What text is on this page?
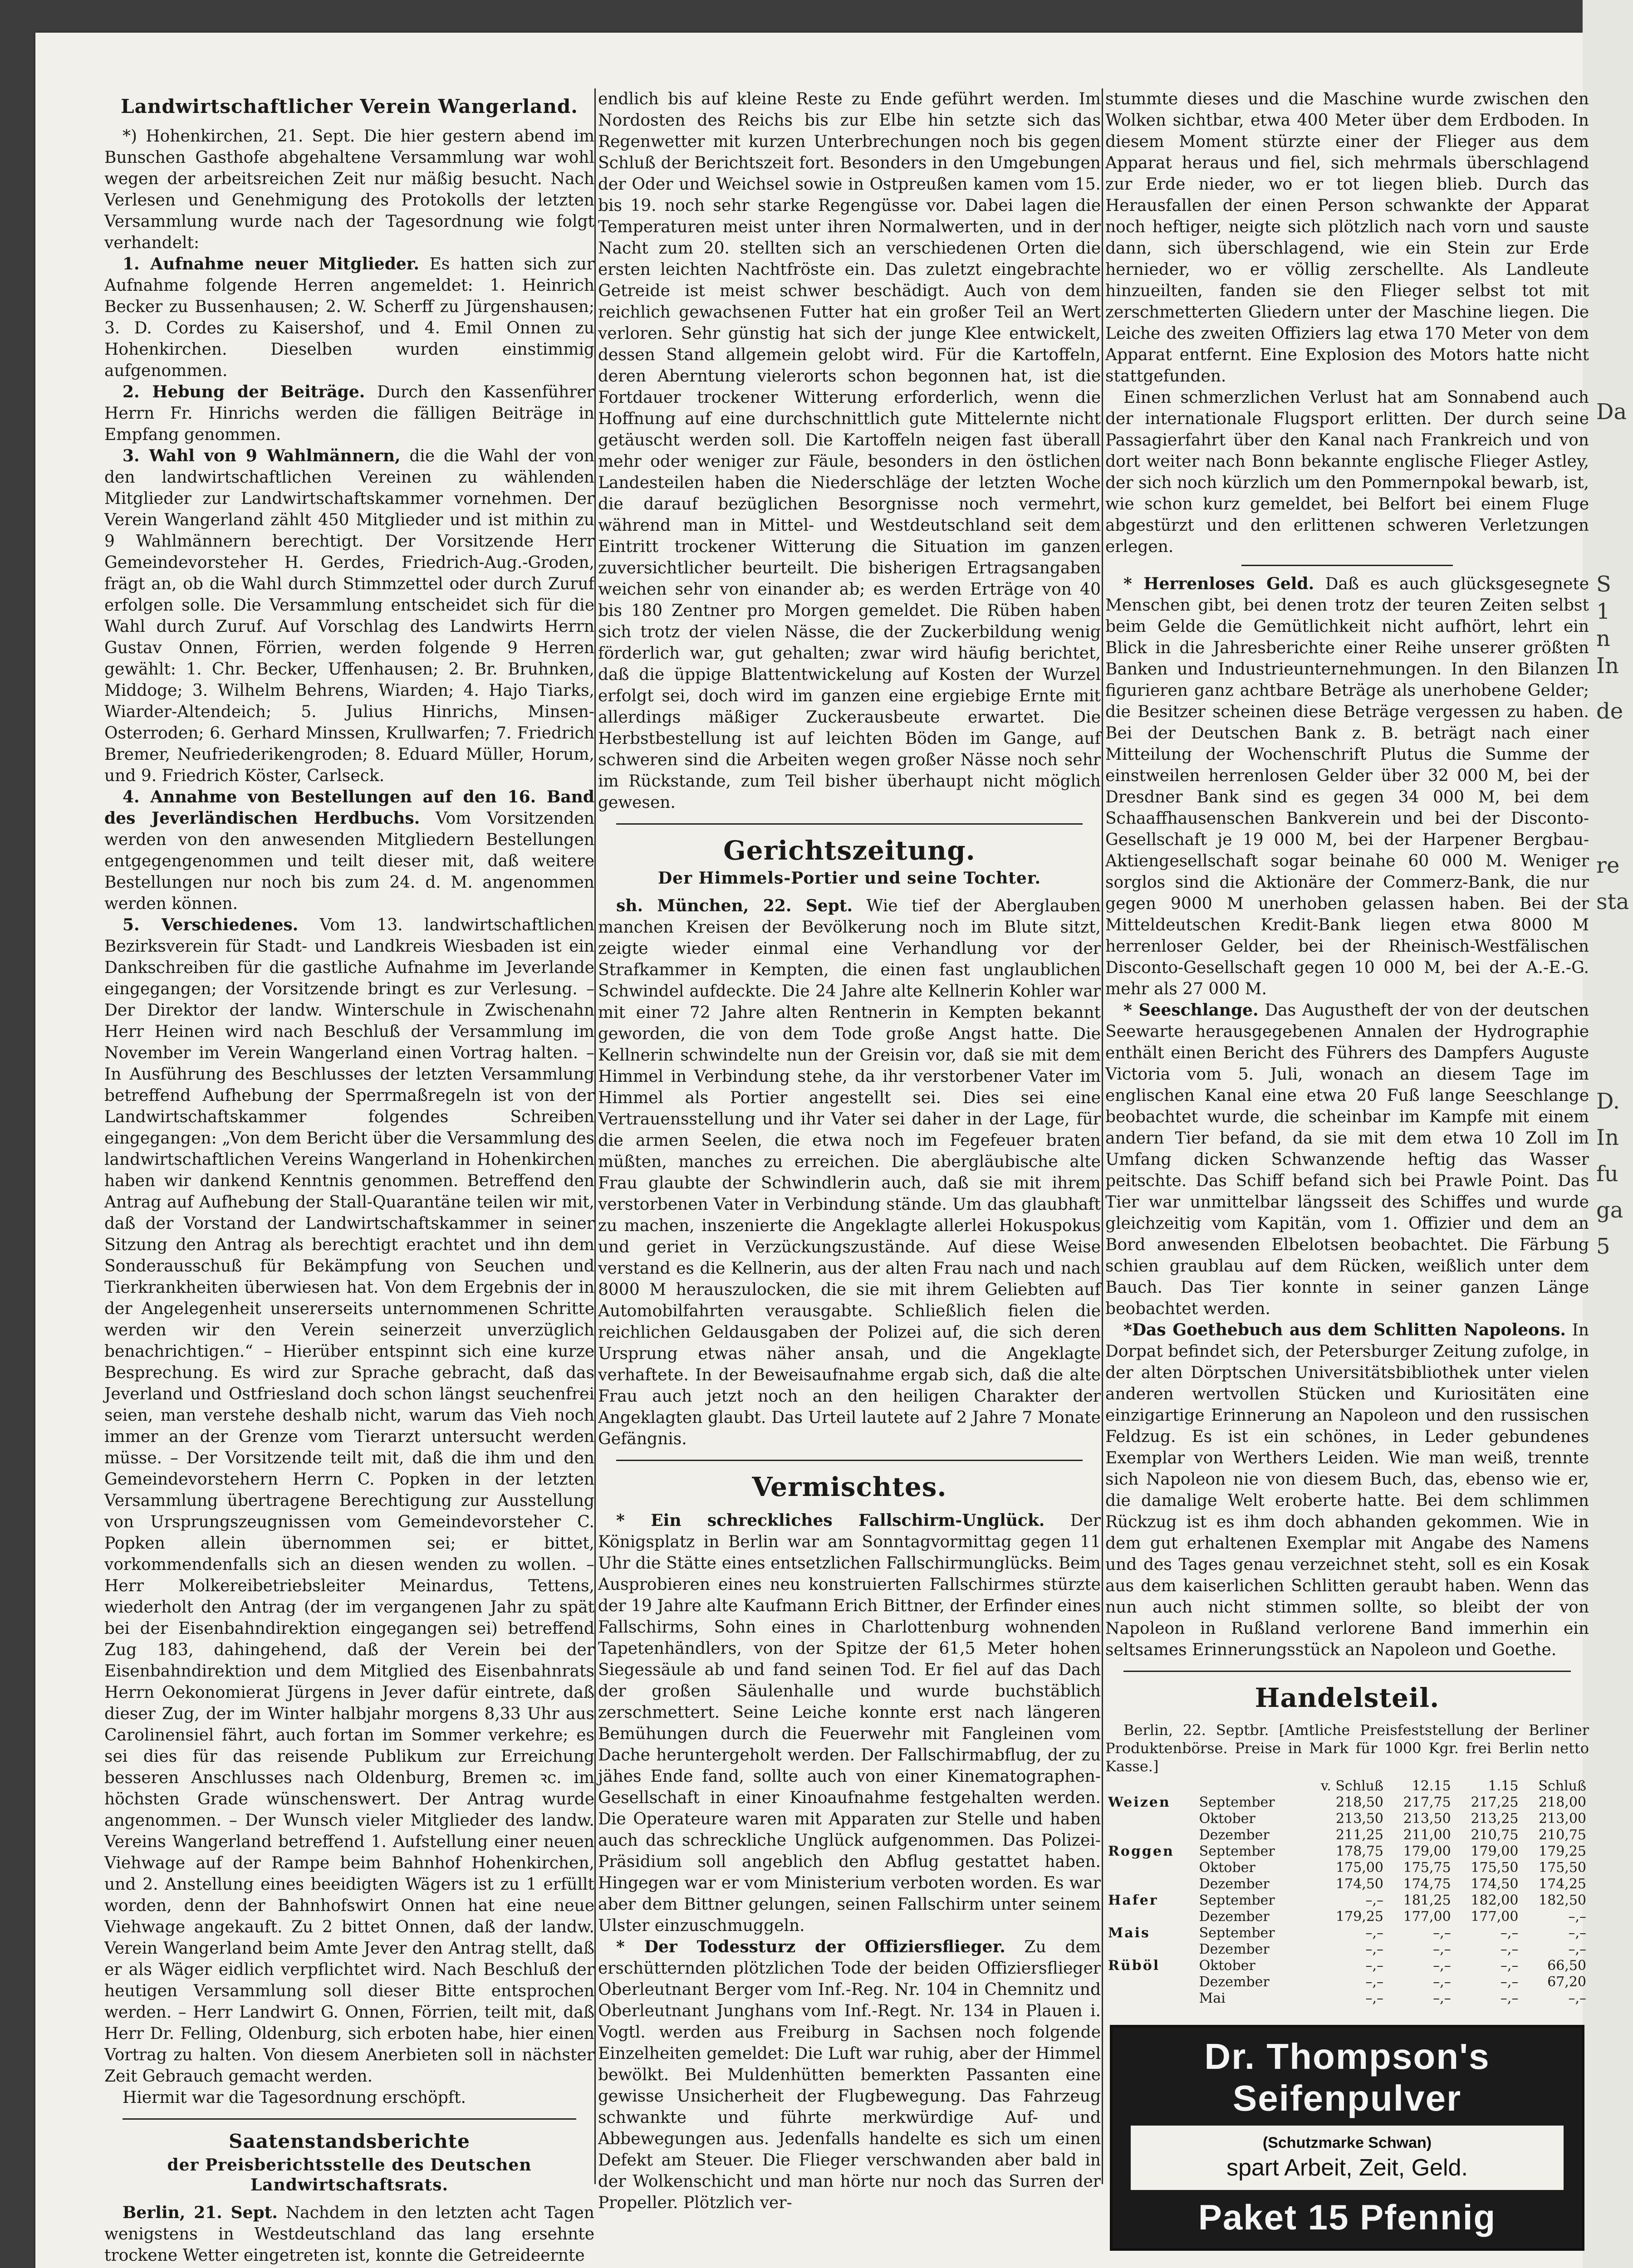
Da
S
1
n
In
de
re
sta
D.
In
fu
ga
5
Landwirtschaftlicher Verein Wangerland.

*) Hohenkirchen, 21. Sept. Die hier gestern abend im Bunschen Gasthofe abgehaltene Versammlung war wohl wegen der arbeitsreichen Zeit nur mäßig besucht. Nach Verlesen und Genehmigung des Protokolls der letzten Versammlung wurde nach der Tagesordnung wie folgt verhandelt:

1. Aufnahme neuer Mitglieder. Es hatten sich zur Aufnahme folgende Herren angemeldet: 1. Heinrich Becker zu Bussenhausen; 2. W. Scherff zu Jürgenshausen; 3. D. Cordes zu Kaisershof, und 4. Emil Onnen zu Hohenkirchen. Dieselben wurden einstimmig aufgenommen.

2. Hebung der Beiträge. Durch den Kassenführer Herrn Fr. Hinrichs werden die fälligen Beiträge in Empfang genommen.

3. Wahl von 9 Wahlmännern, die die Wahl der von den landwirtschaftlichen Vereinen zu wählenden Mitglieder zur Landwirtschaftskammer vornehmen. Der Verein Wangerland zählt 450 Mitglieder und ist mithin zu 9 Wahlmännern berechtigt. Der Vorsitzende Herr Gemeindevorsteher H. Gerdes, Friedrich-Aug.-Groden, frägt an, ob die Wahl durch Stimmzettel oder durch Zuruf erfolgen solle. Die Versammlung entscheidet sich für die Wahl durch Zuruf. Auf Vorschlag des Landwirts Herrn Gustav Onnen, Förrien, werden folgende 9 Herren gewählt: 1. Chr. Becker, Uffenhausen; 2. Br. Bruhnken, Middoge; 3. Wilhelm Behrens, Wiarden; 4. Hajo Tiarks, Wiarder-Altendeich; 5. Julius Hinrichs, Minsen-Osterroden; 6. Gerhard Minssen, Krullwarfen; 7. Friedrich Bremer, Neufriederikengroden; 8. Eduard Müller, Horum, und 9. Friedrich Köster, Carlseck.

4. Annahme von Bestellungen auf den 16. Band des Jeverländischen Herdbuchs. Vom Vorsitzenden werden von den anwesenden Mitgliedern Bestellungen entgegengenommen und teilt dieser mit, daß weitere Bestellungen nur noch bis zum 24. d. M. angenommen werden können.

5. Verschiedenes. Vom 13. landwirtschaftlichen Bezirksverein für Stadt- und Landkreis Wiesbaden ist ein Dankschreiben für die gastliche Aufnahme im Jeverlande eingegangen; der Vorsitzende bringt es zur Verlesung. – Der Direktor der landw. Winterschule in Zwischenahn Herr Heinen wird nach Beschluß der Versammlung im November im Verein Wangerland einen Vortrag halten. – In Ausführung des Beschlusses der letzten Versammlung betreffend Aufhebung der Sperrmaßregeln ist von der Landwirtschaftskammer folgendes Schreiben eingegangen: „Von dem Bericht über die Versammlung des landwirtschaftlichen Vereins Wangerland in Hohenkirchen haben wir dankend Kenntnis genommen. Betreffend den Antrag auf Aufhebung der Stall-Quarantäne teilen wir mit, daß der Vorstand der Landwirtschaftskammer in seiner Sitzung den Antrag als berechtigt erachtet und ihn dem Sonderausschuß für Bekämpfung von Seuchen und Tierkrankheiten überwiesen hat. Von dem Ergebnis der in der Angelegenheit unsererseits unternommenen Schritte werden wir den Verein seinerzeit unverzüglich benachrichtigen.“ – Hierüber entspinnt sich eine kurze Besprechung. Es wird zur Sprache gebracht, daß das Jeverland und Ostfriesland doch schon längst seuchenfrei seien, man verstehe deshalb nicht, warum das Vieh noch immer an der Grenze vom Tierarzt untersucht werden müsse. – Der Vorsitzende teilt mit, daß die ihm und den Gemeindevorstehern Herrn C. Popken in der letzten Versammlung übertragene Berechtigung zur Ausstellung von Ursprungszeugnissen vom Gemeindevorsteher C. Popken allein übernommen sei; er bittet, vorkommendenfalls sich an diesen wenden zu wollen. – Herr Molkereibetriebsleiter Meinardus, Tettens, wiederholt den Antrag (der im vergangenen Jahr zu spät bei der Eisenbahndirektion eingegangen sei) betreffend Zug 183, dahingehend, daß der Verein bei der Eisenbahndirektion und dem Mitglied des Eisenbahnrats Herrn Oekonomierat Jürgens in Jever dafür eintrete, daß dieser Zug, der im Winter halbjahr morgens 8,33 Uhr aus Carolinensiel fährt, auch fortan im Sommer verkehre; es sei dies für das reisende Publikum zur Erreichung besseren Anschlusses nach Oldenburg, Bremen ꝛc. im höchsten Grade wünschenswert. Der Antrag wurde angenommen. – Der Wunsch vieler Mitglieder des landw. Vereins Wangerland betreffend 1. Aufstellung einer neuen Viehwage auf der Rampe beim Bahnhof Hohenkirchen, und 2. Anstellung eines beeidigten Wägers ist zu 1 erfüllt worden, denn der Bahnhofswirt Onnen hat eine neue Viehwage angekauft. Zu 2 bittet Onnen, daß der landw. Verein Wangerland beim Amte Jever den Antrag stellt, daß er als Wäger eidlich verpflichtet wird. Nach Beschluß der heutigen Versammlung soll dieser Bitte entsprochen werden. – Herr Landwirt G. Onnen, Förrien, teilt mit, daß Herr Dr. Felling, Oldenburg, sich erboten habe, hier einen Vortrag zu halten. Von diesem Anerbieten soll in nächster Zeit Gebrauch gemacht werden.

Hiermit war die Tagesordnung erschöpft.

Saatenstandsberichte
der Preisberichtsstelle des Deutschen Landwirtschaftsrats.

Berlin, 21. Sept. Nachdem in den letzten acht Tagen wenigstens in Westdeutschland das lang ersehnte trockene Wetter eingetreten ist, konnte die Getreideernte

endlich bis auf kleine Reste zu Ende geführt werden. Im Nordosten des Reichs bis zur Elbe hin setzte sich das Regenwetter mit kurzen Unterbrechungen noch bis gegen Schluß der Berichtszeit fort. Besonders in den Umgebungen der Oder und Weichsel sowie in Ostpreußen kamen vom 15. bis 19. noch sehr starke Regengüsse vor. Dabei lagen die Temperaturen meist unter ihren Normalwerten, und in der Nacht zum 20. stellten sich an verschiedenen Orten die ersten leichten Nachtfröste ein. Das zuletzt eingebrachte Getreide ist meist schwer beschädigt. Auch von dem reichlich gewachsenen Futter hat ein großer Teil an Wert verloren. Sehr günstig hat sich der junge Klee entwickelt, dessen Stand allgemein gelobt wird. Für die Kartoffeln, deren Aberntung vielerorts schon begonnen hat, ist die Fortdauer trockener Witterung erforderlich, wenn die Hoffnung auf eine durchschnittlich gute Mittelernte nicht getäuscht werden soll. Die Kartoffeln neigen fast überall mehr oder weniger zur Fäule, besonders in den östlichen Landesteilen haben die Niederschläge der letzten Woche die darauf bezüglichen Besorgnisse noch vermehrt, während man in Mittel- und Westdeutschland seit dem Eintritt trockener Witterung die Situation im ganzen zuversichtlicher beurteilt. Die bisherigen Ertragsangaben weichen sehr von einander ab; es werden Erträge von 40 bis 180 Zentner pro Morgen gemeldet. Die Rüben haben sich trotz der vielen Nässe, die der Zuckerbildung wenig förderlich war, gut gehalten; zwar wird häufig berichtet, daß die üppige Blattentwickelung auf Kosten der Wurzel erfolgt sei, doch wird im ganzen eine ergiebige Ernte mit allerdings mäßiger Zuckerausbeute erwartet. Die Herbstbestellung ist auf leichten Böden im Gange, auf schweren sind die Arbeiten wegen großer Nässe noch sehr im Rückstande, zum Teil bisher überhaupt nicht möglich gewesen.

Gerichtszeitung.
Der Himmels-Portier und seine Tochter.

sh. München, 22. Sept. Wie tief der Aberglauben manchen Kreisen der Bevölkerung noch im Blute sitzt, zeigte wieder einmal eine Verhandlung vor der Strafkammer in Kempten, die einen fast unglaublichen Schwindel aufdeckte. Die 24 Jahre alte Kellnerin Kohler war mit einer 72 Jahre alten Rentnerin in Kempten bekannt geworden, die von dem Tode große Angst hatte. Die Kellnerin schwindelte nun der Greisin vor, daß sie mit dem Himmel in Verbindung stehe, da ihr verstorbener Vater im Himmel als Portier angestellt sei. Dies sei eine Vertrauensstellung und ihr Vater sei daher in der Lage, für die armen Seelen, die etwa noch im Fegefeuer braten müßten, manches zu erreichen. Die abergläubische alte Frau glaubte der Schwindlerin auch, daß sie mit ihrem verstorbenen Vater in Verbindung stände. Um das glaubhaft zu machen, inszenierte die Angeklagte allerlei Hokuspokus und geriet in Verzückungszustände. Auf diese Weise verstand es die Kellnerin, aus der alten Frau nach und nach 8000 M herauszulocken, die sie mit ihrem Geliebten auf Automobilfahrten verausgabte. Schließlich fielen die reichlichen Geldausgaben der Polizei auf, die sich deren Ursprung etwas näher ansah, und die Angeklagte verhaftete. In der Beweisaufnahme ergab sich, daß die alte Frau auch jetzt noch an den heiligen Charakter der Angeklagten glaubt. Das Urteil lautete auf 2 Jahre 7 Monate Gefängnis.

Vermischtes.

* Ein schreckliches Fallschirm-Unglück. Der Königsplatz in Berlin war am Sonntagvormittag gegen 11 Uhr die Stätte eines entsetzlichen Fallschirmunglücks. Beim Ausprobieren eines neu konstruierten Fallschirmes stürzte der 19 Jahre alte Kaufmann Erich Bittner, der Erfinder eines Fallschirms, Sohn eines in Charlottenburg wohnenden Tapetenhändlers, von der Spitze der 61,5 Meter hohen Siegessäule ab und fand seinen Tod. Er fiel auf das Dach der großen Säulenhalle und wurde buchstäblich zerschmettert. Seine Leiche konnte erst nach längeren Bemühungen durch die Feuerwehr mit Fangleinen vom Dache heruntergeholt werden. Der Fallschirmabflug, der zu jähes Ende fand, sollte auch von einer Kinematographen-Gesellschaft in einer Kinoaufnahme festgehalten werden. Die Operateure waren mit Apparaten zur Stelle und haben auch das schreckliche Unglück aufgenommen. Das Polizei-Präsidium soll angeblich den Abflug gestattet haben. Hingegen war er vom Ministerium verboten worden. Es war aber dem Bittner gelungen, seinen Fallschirm unter seinem Ulster einzuschmuggeln.

* Der Todessturz der Offiziersflieger. Zu dem erschütternden plötzlichen Tode der beiden Offiziersflieger Oberleutnant Berger vom Inf.-Reg. Nr. 104 in Chemnitz und Oberleutnant Junghans vom Inf.-Regt. Nr. 134 in Plauen i. Vogtl. werden aus Freiburg in Sachsen noch folgende Einzelheiten gemeldet: Die Luft war ruhig, aber der Himmel bewölkt. Bei Muldenhütten bemerkten Passanten eine gewisse Unsicherheit der Flugbewegung. Das Fahrzeug schwankte und führte merkwürdige Auf- und Abbewegungen aus. Jedenfalls handelte es sich um einen Defekt am Steuer. Die Flieger verschwanden aber bald in der Wolkenschicht und man hörte nur noch das Surren der Propeller. Plötzlich ver-

stummte dieses und die Maschine wurde zwischen den Wolken sichtbar, etwa 400 Meter über dem Erdboden. In diesem Moment stürzte einer der Flieger aus dem Apparat heraus und fiel, sich mehrmals überschlagend zur Erde nieder, wo er tot liegen blieb. Durch das Herausfallen der einen Person schwankte der Apparat noch heftiger, neigte sich plötzlich nach vorn und sauste dann, sich überschlagend, wie ein Stein zur Erde hernieder, wo er völlig zerschellte. Als Landleute hinzueilten, fanden sie den Flieger selbst tot mit zerschmetterten Gliedern unter der Maschine liegen. Die Leiche des zweiten Offiziers lag etwa 170 Meter von dem Apparat entfernt. Eine Explosion des Motors hatte nicht stattgefunden.

Einen schmerzlichen Verlust hat am Sonnabend auch der internationale Flugsport erlitten. Der durch seine Passagierfahrt über den Kanal nach Frankreich und von dort weiter nach Bonn bekannte englische Flieger Astley, der sich noch kürzlich um den Pommernpokal bewarb, ist, wie schon kurz gemeldet, bei Belfort bei einem Fluge abgestürzt und den erlittenen schweren Verletzungen erlegen.

* Herrenloses Geld. Daß es auch glücksgesegnete Menschen gibt, bei denen trotz der teuren Zeiten selbst beim Gelde die Gemütlichkeit nicht aufhört, lehrt ein Blick in die Jahresberichte einer Reihe unserer größten Banken und Industrieunternehmungen. In den Bilanzen figurieren ganz achtbare Beträge als unerhobene Gelder; die Besitzer scheinen diese Beträge vergessen zu haben. Bei der Deutschen Bank z. B. beträgt nach einer Mitteilung der Wochenschrift Plutus die Summe der einstweilen herrenlosen Gelder über 32 000 M, bei der Dresdner Bank sind es gegen 34 000 M, bei dem Schaaffhausenschen Bankverein und bei der Disconto-Gesellschaft je 19 000 M, bei der Harpener Bergbau-Aktiengesellschaft sogar beinahe 60 000 M. Weniger sorglos sind die Aktionäre der Commerz-Bank, die nur gegen 9000 M unerhoben gelassen haben. Bei der Mitteldeutschen Kredit-Bank liegen etwa 8000 M herrenloser Gelder, bei der Rheinisch-Westfälischen Disconto-Gesellschaft gegen 10 000 M, bei der A.-E.-G. mehr als 27 000 M.

* Seeschlange. Das Augustheft der von der deutschen Seewarte herausgegebenen Annalen der Hydrographie enthält einen Bericht des Führers des Dampfers Auguste Victoria vom 5. Juli, wonach an diesem Tage im englischen Kanal eine etwa 20 Fuß lange Seeschlange beobachtet wurde, die scheinbar im Kampfe mit einem andern Tier befand, da sie mit dem etwa 10 Zoll im Umfang dicken Schwanzende heftig das Wasser peitschte. Das Schiff befand sich bei Prawle Point. Das Tier war unmittelbar längsseit des Schiffes und wurde gleichzeitig vom Kapitän, vom 1. Offizier und dem an Bord anwesenden Elbelotsen beobachtet. Die Färbung schien graublau auf dem Rücken, weißlich unter dem Bauch. Das Tier konnte in seiner ganzen Länge beobachtet werden.

*Das Goethebuch aus dem Schlitten Napoleons. In Dorpat befindet sich, der Petersburger Zeitung zufolge, in der alten Dörptschen Universitätsbibliothek unter vielen anderen wertvollen Stücken und Kuriositäten eine einzigartige Erinnerung an Napoleon und den russischen Feldzug. Es ist ein schönes, in Leder gebundenes Exemplar von Werthers Leiden. Wie man weiß, trennte sich Napoleon nie von diesem Buch, das, ebenso wie er, die damalige Welt eroberte hatte. Bei dem schlimmen Rückzug ist es ihm doch abhanden gekommen. Wie in dem gut erhaltenen Exemplar mit Angabe des Namens und des Tages genau verzeichnet steht, soll es ein Kosak aus dem kaiserlichen Schlitten geraubt haben. Wenn das nun auch nicht stimmen sollte, so bleibt der von Napoleon in Rußland verlorene Band immerhin ein seltsames Erinnerungsstück an Napoleon und Goethe.

Handelsteil.

Berlin, 22. Septbr. [Amtliche Preisfeststellung der Berliner Produktenbörse. Preise in Mark für 1000 Kgr. frei Berlin netto Kasse.]

		v. Schluß	12.15	1.15	Schluß
Weizen	September	218,50	217,75	217,25	218,00
	Oktober	213,50	213,50	213,25	213,00
	Dezember	211,25	211,00	210,75	210,75
Roggen	September	178,75	179,00	179,00	179,25
	Oktober	175,00	175,75	175,50	175,50
	Dezember	174,50	174,75	174,50	174,25
Hafer	September	–,–	181,25	182,00	182,50
	Dezember	179,25	177,00	177,00	–,–
Mais	September	–,–	–,–	–,–	–,–
	Dezember	–,–	–,–	–,–	–,–
Rüböl	Oktober	–,–	–,–	–,–	66,50
	Dezember	–,–	–,–	–,–	67,20
	Mai	–,–	–,–	–,–	–,–
Dr. Thompson's
Seifenpulver
(Schutzmarke Schwan)
spart Arbeit, Zeit, Geld.
Paket 15 Pfennig
